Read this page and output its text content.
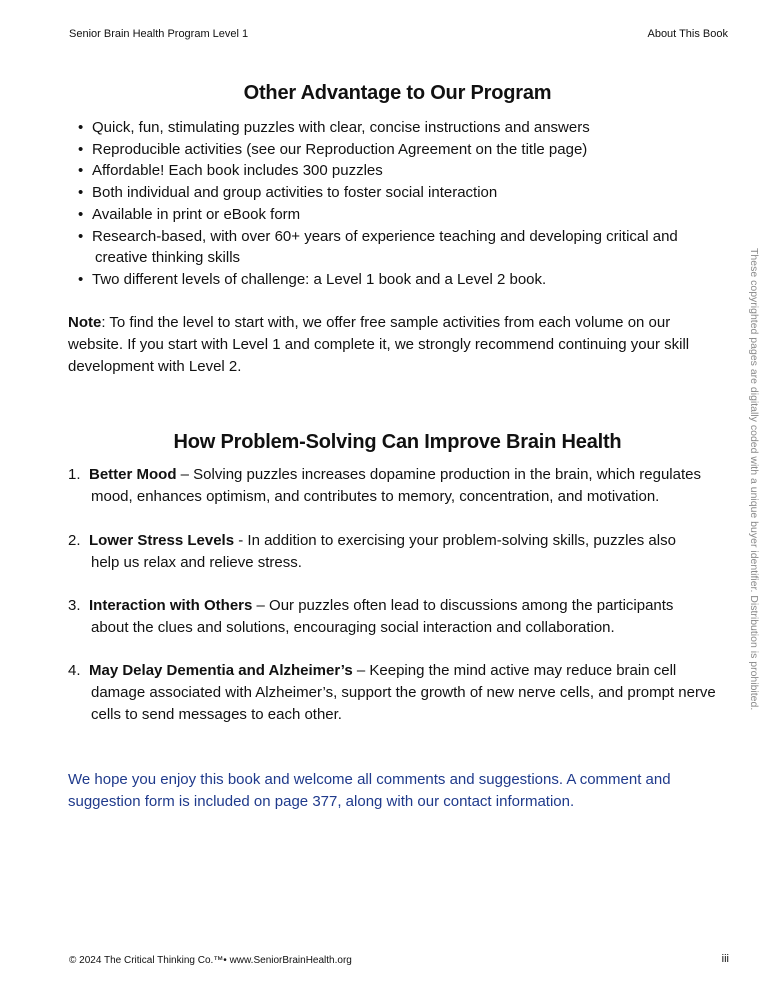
Senior Brain Health Program Level 1	About This Book
Other Advantage to Our Program
• Quick, fun, stimulating puzzles with clear, concise instructions and answers
• Reproducible activities (see our Reproduction Agreement on the title page)
• Affordable! Each book includes 300 puzzles
• Both individual and group activities to foster social interaction
• Available in print or eBook form
• Research-based, with over 60+ years of experience teaching and developing critical and
creative thinking skills
• Two different levels of challenge: a Level 1 book and a Level 2 book.

Note: To find the level to start with, we offer free sample activities from each volume on our website. If you start with Level 1 and complete it, we strongly recommend continuing your skill development with Level 2.

How Problem-Solving Can Improve Brain Health
1. Better Mood – Solving puzzles increases dopamine production in the brain, which regulates
mood, enhances optimism, and contributes to memory, concentration, and motivation.
2. Lower Stress Levels - In addition to exercising your problem-solving skills, puzzles also
help us relax and relieve stress.
3. Interaction with Others – Our puzzles often lead to discussions among the participants
about the clues and solutions, encouraging social interaction and collaboration.
4. May Delay Dementia and Alzheimer’s – Keeping the mind active may reduce brain cell
damage associated with Alzheimer’s, support the growth of new nerve cells, and prompt nerve cells to send messages to each other.

We hope you enjoy this book and welcome all comments and suggestions. A comment and suggestion form is included on page 377, along with our contact information.

These copyrighted pages are digitally coded with a unique buyer identifier. Distribution is prohibited.
© 2024 The Critical Thinking Co.™• www.SeniorBrainHealth.org	iii
